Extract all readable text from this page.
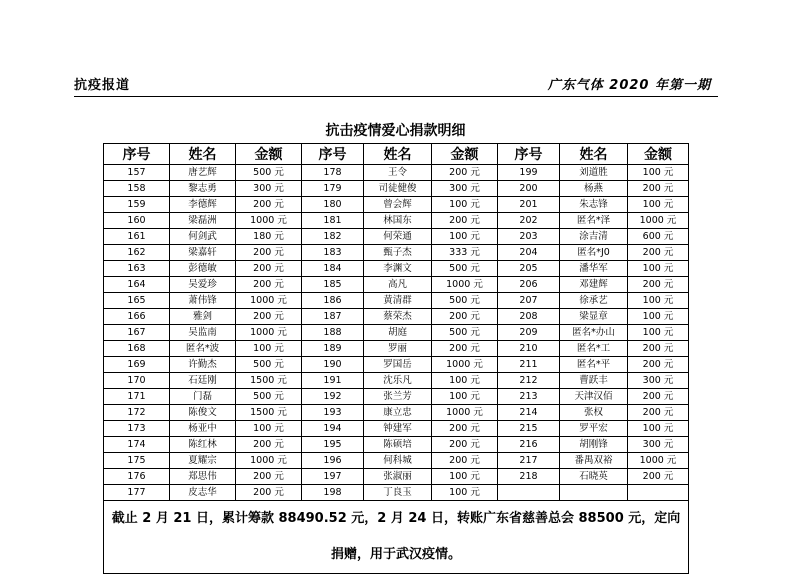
抗疫报道	广东气体 2020 年第一期
抗击疫情爱心捐款明细
序号	姓名	金额	序号	姓名	金额	序号	姓名	金额
157	唐艺辉	500 元	178	王令	200 元	199	刘道胜	100 元
158	黎志勇	300 元	179	司徒健俊	300 元	200	杨燕	200 元
159	李德辉	200 元	180	曾会辉	100 元	201	朱志锋	100 元
160	梁磊洲	1000 元	181	林国东	200 元	202	匿名*泽	1000 元
161	何剑武	180 元	182	何荣通	100 元	203	涂吉清	600 元
162	梁嘉轩	200 元	183	甄子杰	333 元	204	匿名*J0	200 元
163	彭德敏	200 元	184	李渊文	500 元	205	潘华军	100 元
164	吴爱珍	200 元	185	高凡	1000 元	206	邓建辉	200 元
165	萧伟锋	1000 元	186	黄清群	500 元	207	徐承艺	100 元
166	雅剑	200 元	187	蔡荣杰	200 元	208	梁显章	100 元
167	吴监南	1000 元	188	胡庭	500 元	209	匿名*办山	100 元
168	匿名*波	100 元	189	罗丽	200 元	210	匿名*工	200 元
169	许勤杰	500 元	190	罗国岳	1000 元	211	匿名*平	200 元
170	石廷刚	1500 元	191	沈乐凡	100 元	212	曹跃丰	300 元
171	门磊	500 元	192	张兰芳	100 元	213	天津汉佰	200 元
172	陈俊文	1500 元	193	康立忠	1000 元	214	张权	200 元
173	杨亚中	100 元	194	钟建军	200 元	215	罗平宏	100 元
174	陈红林	200 元	195	陈硕培	200 元	216	胡刚锋	300 元
175	夏耀宗	1000 元	196	何科城	200 元	217	番禺双裕	1000 元
176	郑思伟	200 元	197	张淑丽	100 元	218	石晓英	200 元
177	皮志华	200 元	198	丁良玉	100 元			
截止 2 月 21 日，累计筹款 88490.52 元，2 月 24 日，转账广东省慈善总会 88500 元，定向捐赠，用于武汉疫情。								
